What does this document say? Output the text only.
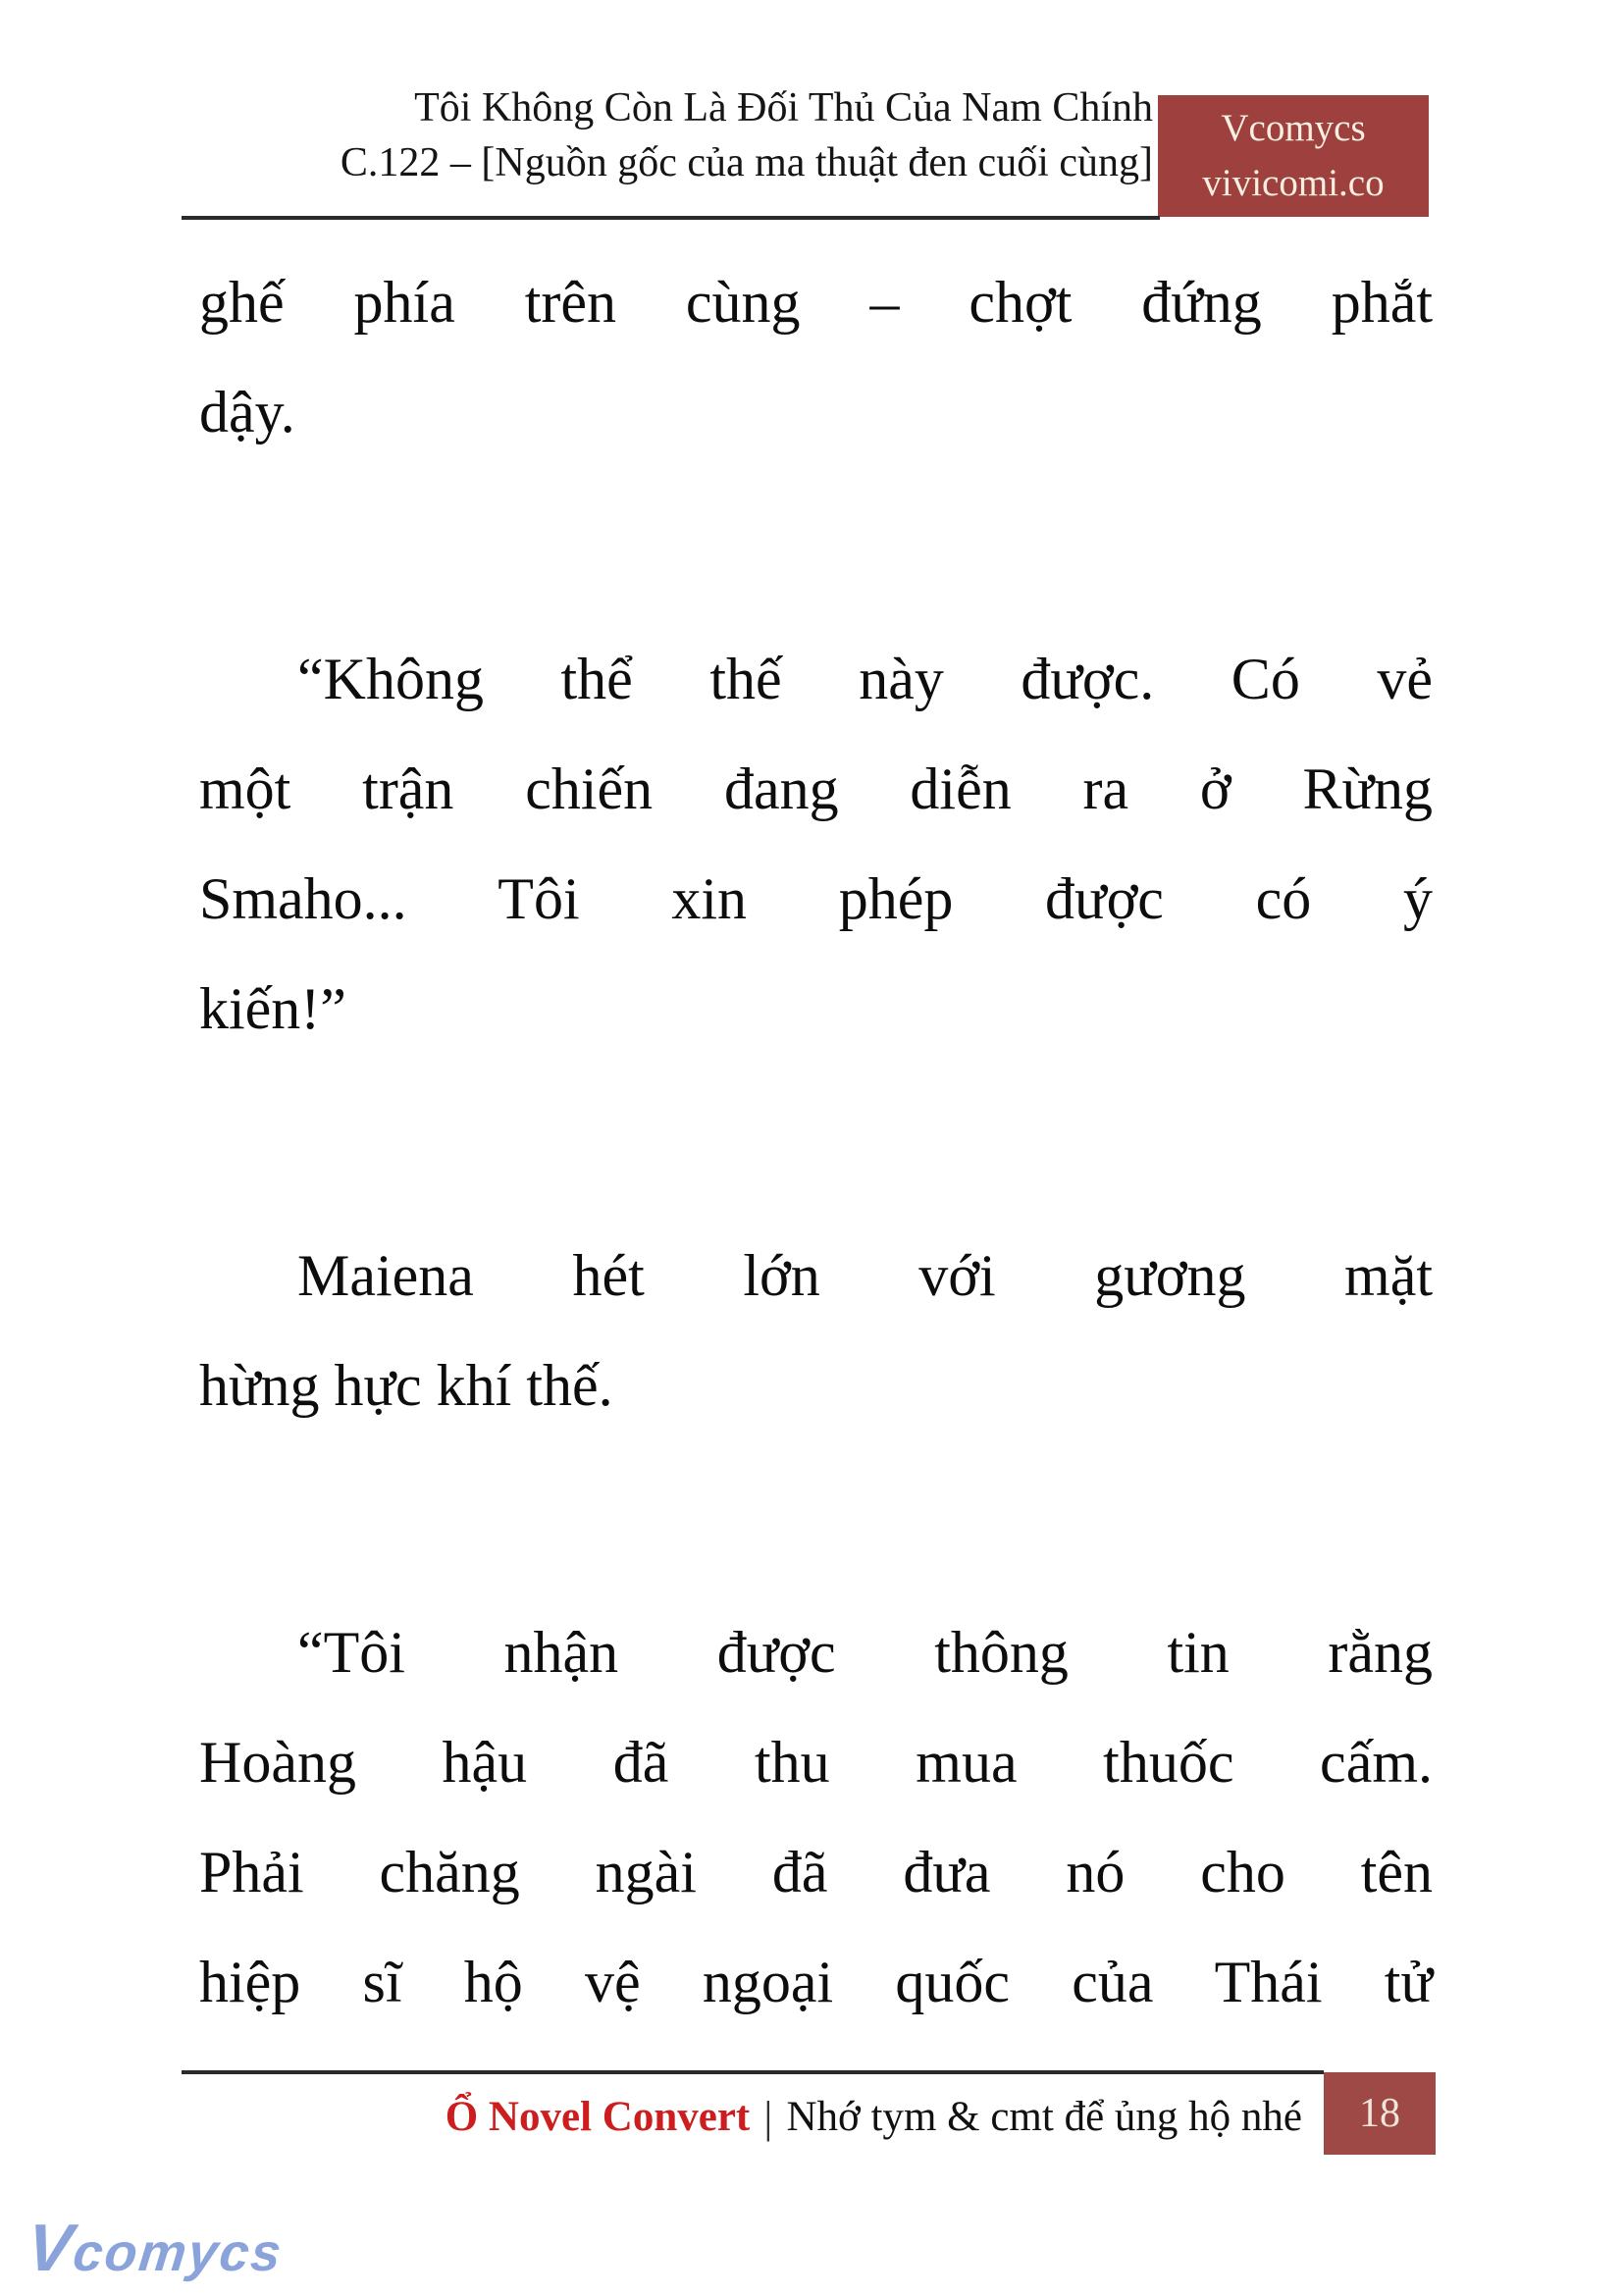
Tôi Không Còn Là Đối Thủ Của Nam Chính
C.122 – [Nguồn gốc của ma thuật đen cuối cùng]
Vcomycs
vivicomi.co
ghế phía trên cùng – chợt đứng phắt
dậy.
“Không thể thế này được. Có vẻ
một trận chiến đang diễn ra ở Rừng
Smaho... Tôi xin phép được có ý
kiến!”
Maiena hét lớn với gương mặt
hừng hực khí thế.
“Tôi nhận được thông tin rằng
Hoàng hậu đã thu mua thuốc cấm.
Phải chăng ngài đã đưa nó cho tên
hiệp sĩ hộ vệ ngoại quốc của Thái tử
Ổ Novel Convert | Nhớ tym & cmt để ủng hộ nhé 18
Vcomycs
